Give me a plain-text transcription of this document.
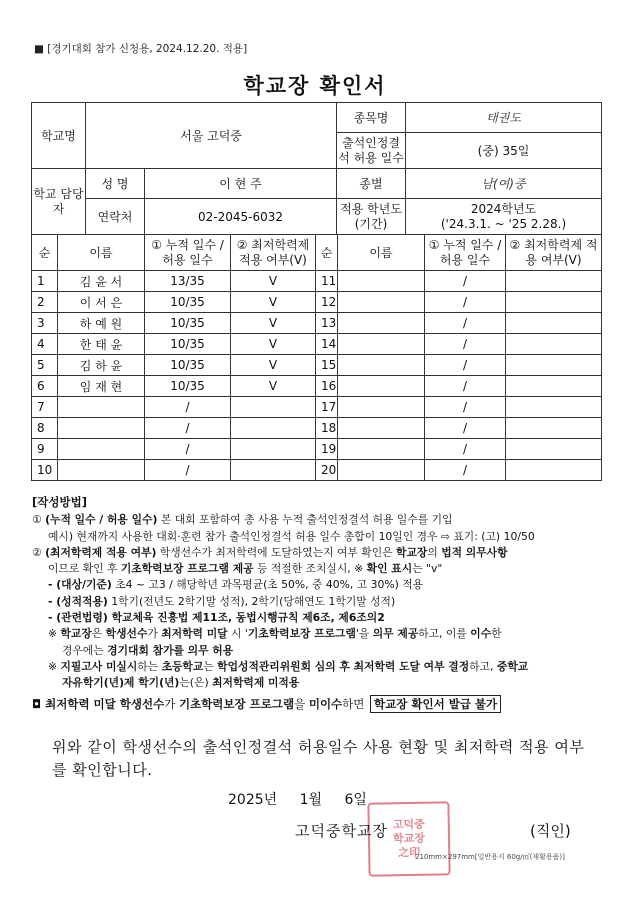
■ [경기대회 참가 신청용, 2024.12.20. 적용]
학교장 확인서
학교명	서울 고덕중		종목명	태권도
			출석인정결석 허용 일수	(중) 35일
학교 담당자	성 명	이 현 주	종별	남(여)중
	연락처	02-2045-6032	적용 학년도 (기간)	2024학년도
('24.3.1. ~ '25 2.28.)
순	이름	① 누적 일수 / 허용 일수	② 최저학력제 적용 여부(V)	순	이름	① 누적 일수 / 허용 일수	② 최저학력제 적용 여부(V)
1	김 윤 서	13/35	V	11		/	
2	이 서 은	10/35	V	12		/	
3	하 예 원	10/35	V	13		/	
4	한 태 윤	10/35	V	14		/	
5	김 하 윤	10/35	V	15		/	
6	임 재 현	10/35	V	16		/	
7		/		17		/	
8		/		18		/	
9		/		19		/	
10		/		20		/	
[작성방법]
① (누적 일수 / 허용 일수) 본 대회 포함하여 총 사용 누적 출석인정결석 허용 일수를 기입
예시) 현재까지 사용한 대회·훈련 참가 출석인정결석 허용 일수 총합이 10일인 경우 ⇨ 표기: (고) 10/50
② (최저학력제 적용 여부) 학생선수가 최저학력에 도달하였는지 여부 확인은 학교장의 법적 의무사항
이므로 확인 후 기초학력보장 프로그램 제공 등 적절한 조치실시, ※ 확인 표시는 "v"
- (대상/기준) 초4 ~ 고3 / 해당학년 과목평균(초 50%, 중 40%, 고 30%) 적용
- (성적적용) 1학기(전년도 2학기말 성적), 2학기(당해연도 1학기말 성적)
- (관련법령) 학교체육 진흥법 제11조, 동법시행규칙 제6조, 제6조의2
※ 학교장은 학생선수가 최저학력 미달 시 '기초학력보장 프로그램'을 의무 제공하고, 이를 이수한
경우에는 경기대회 참가를 의무 허용
※ 지필고사 미실시하는 초등학교는 학업성적관리위원회 심의 후 최저학력 도달 여부 결정하고, 중학교
자유학기(년)제 학기(년)는(은) 최저학력제 미적용
◘ 최저학력 미달 학생선수가 기초학력보장 프로그램을 미이수하면 학교장 확인서 발급 불가
위와 같이 학생선수의 출석인정결석 허용일수 사용 현황 및 최저학력 적용 여부를 확인합니다.
2025년 1월 6일
고덕중
학교장
之印
고덕중학교장	(직인)
210mm×297mm[일반용지 60g/㎡(재활용품)]
